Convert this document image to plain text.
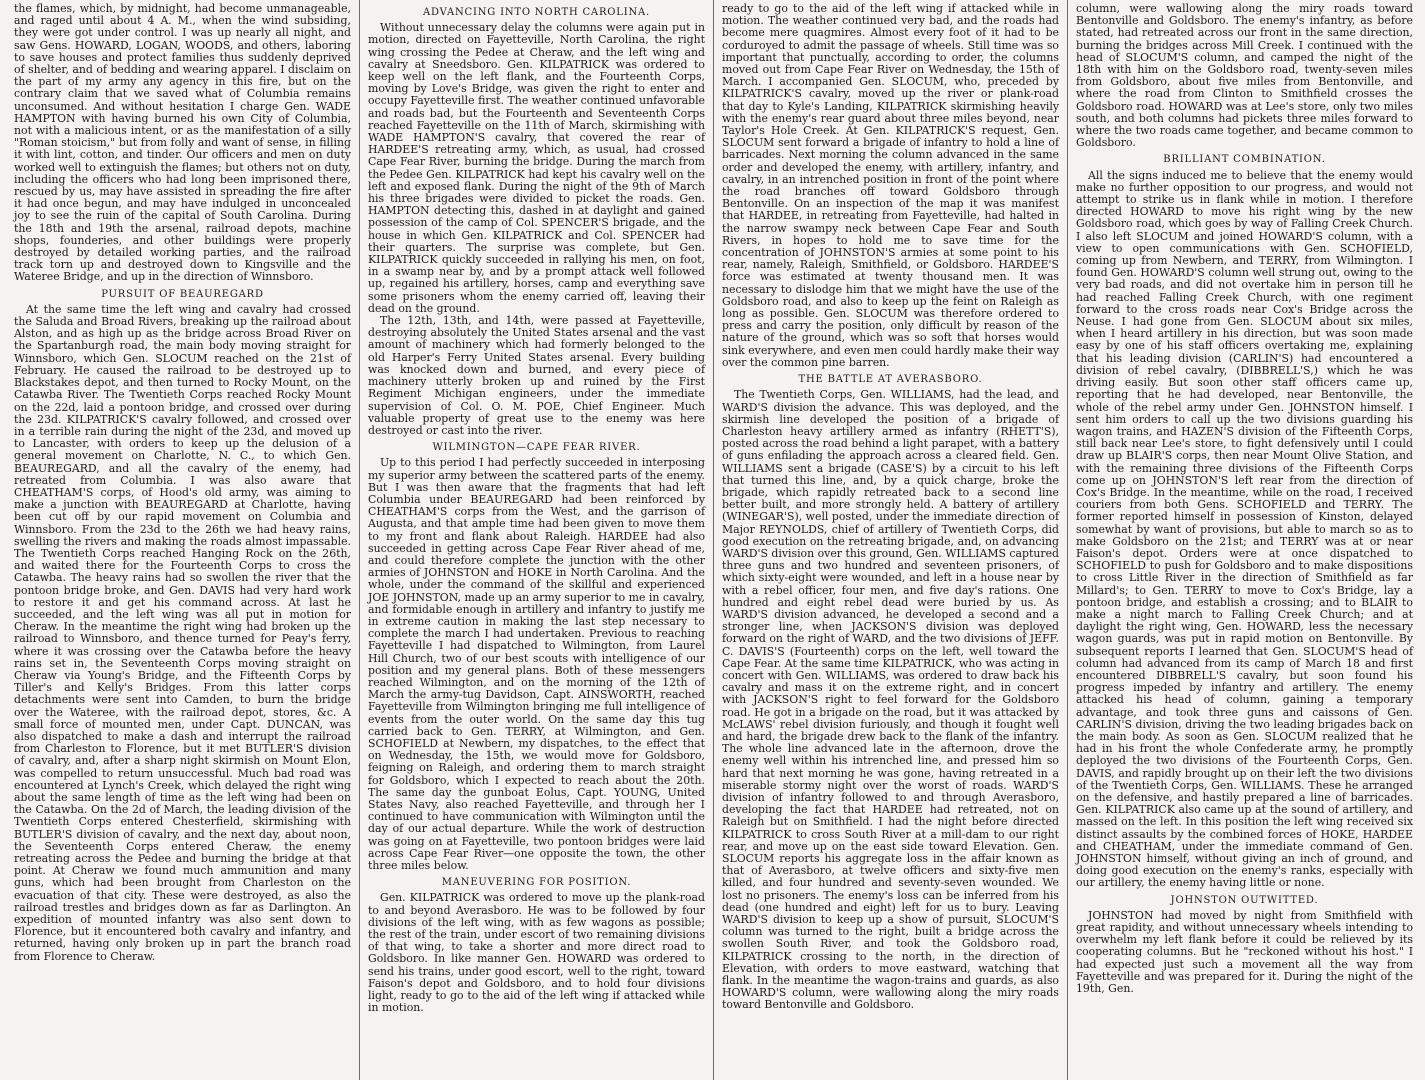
the flames, which, by midnight, had become unmanageable, and raged until about 4 A. M., when the wind subsiding, they were got under control. I was up nearly all night, and saw Gens. HOWARD, LOGAN, WOODS, and others, laboring to save houses and protect families thus suddenly deprived of shelter, and of bedding and wearing apparel. I disclaim on the part of my army any agency in this fire, but on the contrary claim that we saved what of Columbia remains unconsumed. And without hesitation I charge Gen. WADE HAMPTON with having burned his own City of Columbia, not with a malicious intent, or as the manifestation of a silly "Roman stoicism," but from folly and want of sense, in filling it with lint, cotton, and tinder. Our officers and men on duty worked well to extinguish the flames; but others not on duty, including the officers who had long been imprisoned there, rescued by us, may have assisted in spreading the fire after it had once begun, and may have indulged in unconcealed joy to see the ruin of the capital of South Carolina. During the 18th and 19th the arsenal, railroad depots, machine shops, founderies, and other buildings were properly destroyed by detailed working parties, and the railroad track torn up and destroyed down to Kingsville and the Wateree Bridge, and up in the direction of Winnsboro.

PURSUIT OF BEAUREGARD

At the same time the left wing and cavalry had crossed the Saluda and Broad Rivers, breaking up the railroad about Alston, and as high up as the bridge across Broad River on the Spartanburgh road, the main body moving straight for Winnsboro, which Gen. SLOCUM reached on the 21st of February. He caused the railroad to be destroyed up to Blackstakes depot, and then turned to Rocky Mount, on the Catawba River. The Twentieth Corps reached Rocky Mount on the 22d, laid a pontoon bridge, and crossed over during the 23d. KILPATRICK'S cavalry followed, and crossed over in a terrible rain during the night of the 23d, and moved up to Lancaster, with orders to keep up the delusion of a general movement on Charlotte, N. C., to which Gen. BEAUREGARD, and all the cavalry of the enemy, had retreated from Columbia. I was also aware that CHEATHAM'S corps, of Hood's old army, was aiming to make a junction with BEAUREGARD at Charlotte, having been cut off by our rapid movement on Columbia and Winnsboro. From the 23d to the 26th we had heavy rains, swelling the rivers and making the roads almost impassable. The Twentieth Corps reached Hanging Rock on the 26th, and waited there for the Fourteenth Corps to cross the Catawba. The heavy rains had so swollen the river that the pontoon bridge broke, and Gen. DAVIS had very hard work to restore it and get his command across. At last he succeeded, and the left wing was all put in motion for Cheraw. In the meantime the right wing had broken up the railroad to Winnsboro, and thence turned for Peay's ferry, where it was crossing over the Catawba before the heavy rains set in, the Seventeenth Corps moving straight on Cheraw via Young's Bridge, and the Fifteenth Corps by Tiller's and Kelly's Bridges. From this latter corps detachments were sent into Camden, to burn the bridge over the Wateree, with the railroad depot, stores, &c. A small force of mounted men, under Capt. DUNCAN, was also dispatched to make a dash and interrupt the railroad from Charleston to Florence, but it met BUTLER'S division of cavalry, and, after a sharp night skirmish on Mount Elon, was compelled to return unsuccessful. Much bad road was encountered at Lynch's Creek, which delayed the right wing about the same length of time as the left wing had been on the Catawba. On the 2d of March, the leading division of the Twentieth Corps entered Chesterfield, skirmishing with BUTLER'S division of cavalry, and the next day, about noon, the Seventeenth Corps entered Cheraw, the enemy retreating across the Pedee and burning the bridge at that point. At Cheraw we found much ammunition and many guns, which had been brought from Charleston on the evacuation of that city. These were destroyed, as also the railroad trestles and bridges down as far as Darlington. An expedition of mounted infantry was also sent down to Florence, but it encountered both cavalry and infantry, and returned, having only broken up in part the branch road from Florence to Cheraw.

ADVANCING INTO NORTH CAROLINA.

Without unnecessary delay the columns were again put in motion, directed on Fayetteville, North Carolina, the right wing crossing the Pedee at Cheraw, and the left wing and cavalry at Sneedsboro. Gen. KILPATRICK was ordered to keep well on the left flank, and the Fourteenth Corps, moving by Love's Bridge, was given the right to enter and occupy Fayetteville first. The weather continued unfavorable and roads bad, but the Fourteenth and Seventeenth Corps reached Fayetteville on the 11th of March, skirmishing with WADE HAMPTON'S cavalry, that covered the rear of HARDEE'S retreating army, which, as usual, had crossed Cape Fear River, burning the bridge. During the march from the Pedee Gen. KILPATRICK had kept his cavalry well on the left and exposed flank. During the night of the 9th of March his three brigades were divided to picket the roads. Gen. HAMPTON detecting this, dashed in at daylight and gained possession of the camp of Col. SPENCER'S brigade, and the house in which Gen. KILPATRICK and Col. SPENCER had their quarters. The surprise was complete, but Gen. KILPATRICK quickly succeeded in rallying his men, on foot, in a swamp near by, and by a prompt attack well followed up, regained his artillery, horses, camp and everything save some prisoners whom the enemy carried off, leaving their dead on the ground.

The 12th, 13th, and 14th, were passed at Fayetteville, destroying absolutely the United States arsenal and the vast amount of machinery which had formerly belonged to the old Harper's Ferry United States arsenal. Every building was knocked down and burned, and every piece of machinery utterly broken up and ruined by the First Regiment Michigan engineers, under the immediate supervision of Col. O. M. POE, Chief Engineer. Much valuable property of great use to the enemy was here destroyed or cast into the river.

WILMINGTON—CAPE FEAR RIVER.

Up to this period I had perfectly succeeded in interposing my superior army between the scattered parts of the enemy. But I was then aware that the fragments that had left Columbia under BEAUREGARD had been reinforced by CHEATHAM'S corps from the West, and the garrison of Augusta, and that ample time had been given to move them to my front and flank about Raleigh. HARDEE had also succeeded in getting across Cape Fear River ahead of me, and could therefore complete the junction with the other armies of JOHNSTON and HOKE in North Carolina. And the whole, under the command of the skillful and experienced JOE JOHNSTON, made up an army superior to me in cavalry, and formidable enough in artillery and infantry to justify me in extreme caution in making the last step necessary to complete the march I had undertaken. Previous to reaching Fayetteville I had dispatched to Wilmington, from Laurel Hill Church, two of our best scouts with intelligence of our position and my general plans. Both of these messengers reached Wilmington, and on the morning of the 12th of March the army-tug Davidson, Capt. AINSWORTH, reached Fayetteville from Wilmington bringing me full intelligence of events from the outer world. On the same day this tug carried back to Gen. TERRY, at Wilmington, and Gen. SCHOFIELD at Newbern, my dispatches, to the effect that on Wednesday, the 15th, we would move for Goldsboro, feigning on Raleigh, and ordering them to march straight for Goldsboro, which I expected to reach about the 20th. The same day the gunboat Eolus, Capt. YOUNG, United States Navy, also reached Fayetteville, and through her I continued to have communication with Wilmington until the day of our actual departure. While the work of destruction was going on at Fayetteville, two pontoon bridges were laid across Cape Fear River—one opposite the town, the other three miles below.

MANEUVERING FOR POSITION.

Gen. KILPATRICK was ordered to move up the plank-road to and beyond Averasboro. He was to be followed by four divisions of the left wing, with as few wagons as possible; the rest of the train, under escort of two remaining divisions of that wing, to take a shorter and more direct road to Goldsboro. In like manner Gen. HOWARD was ordered to send his trains, under good escort, well to the right, toward Faison's depot and Goldsboro, and to hold four divisions light, ready to go to the aid of the left wing if attacked while in motion.

ready to go to the aid of the left wing if attacked while in motion. The weather continued very bad, and the roads had become mere quagmires. Almost every foot of it had to be corduroyed to admit the passage of wheels. Still time was so important that punctually, according to order, the columns moved out from Cape Fear River on Wednesday, the 15th of March. I accompanied Gen. SLOCUM, who, preceded by KILPATRICK'S cavalry, moved up the river or plank-road that day to Kyle's Landing, KILPATRICK skirmishing heavily with the enemy's rear guard about three miles beyond, near Taylor's Hole Creek. At Gen. KILPATRICK'S request, Gen. SLOCUM sent forward a brigade of infantry to hold a line of barricades. Next morning the column advanced in the same order and developed the enemy, with artillery, infantry, and cavalry, in an intrenched position in front of the point where the road branches off toward Goldsboro through Bentonville. On an inspection of the map it was manifest that HARDEE, in retreating from Fayetteville, had halted in the narrow swampy neck between Cape Fear and South Rivers, in hopes to hold me to save time for the concentration of JOHNSTON'S armies at some point to his rear, namely, Raleigh, Smithfield, or Goldsboro. HARDEE'S force was estimated at twenty thousand men. It was necessary to dislodge him that we might have the use of the Goldsboro road, and also to keep up the feint on Raleigh as long as possible. Gen. SLOCUM was therefore ordered to press and carry the position, only difficult by reason of the nature of the ground, which was so soft that horses would sink everywhere, and even men could hardly make their way over the common pine barren.

THE BATTLE AT AVERASBORO.

The Twentieth Corps, Gen. WILLIAMS, had the lead, and WARD'S division the advance. This was deployed, and the skirmish line developed the position of a brigade of Charleston heavy artillery armed as infantry (RHETT'S), posted across the road behind a light parapet, with a battery of guns enfilading the approach across a cleared field. Gen. WILLIAMS sent a brigade (CASE'S) by a circuit to his left that turned this line, and, by a quick charge, broke the brigade, which rapidly retreated back to a second line better built, and more strongly held. A battery of artillery (WINEGAR'S), well posted, under the immediate direction of Major REYNOLDS, chief of artillery of Twentieth Corps, did good execution on the retreating brigade, and, on advancing WARD'S division over this ground, Gen. WILLIAMS captured three guns and two hundred and seventeen prisoners, of which sixty-eight were wounded, and left in a house near by with a rebel officer, four men, and five day's rations. One hundred and eight rebel dead were buried by us. As WARD'S division advanced, he developed a second and a stronger line, when JACKSON'S division was deployed forward on the right of WARD, and the two divisions of JEFF. C. DAVIS'S (Fourteenth) corps on the left, well toward the Cape Fear. At the same time KILPATRICK, who was acting in concert with Gen. WILLIAMS, was ordered to draw back his cavalry and mass it on the extreme right, and in concert with JACKSON'S right to feel forward for the Goldsboro road. He got in a brigade on the road, but it was attacked by McLAWS' rebel division furiously, and though it fought well and hard, the brigade drew back to the flank of the infantry. The whole line advanced late in the afternoon, drove the enemy well within his intrenched line, and pressed him so hard that next morning he was gone, having retreated in a miserable stormy night over the worst of roads. WARD'S division of infantry followed to and through Averasboro, developing the fact that HARDEE had retreated, not on Raleigh but on Smithfield. I had the night before directed KILPATRICK to cross South River at a mill-dam to our right rear, and move up on the east side toward Elevation. Gen. SLOCUM reports his aggregate loss in the affair known as that of Averasboro, at twelve officers and sixty-five men killed, and four hundred and seventy-seven wounded. We lost no prisoners. The enemy's loss can be inferred from his dead (one hundred and eight) left for us to bury. Leaving WARD'S division to keep up a show of pursuit, SLOCUM'S column was turned to the right, built a bridge across the swollen South River, and took the Goldsboro road, KILPATRICK crossing to the north, in the direction of Elevation, with orders to move eastward, watching that flank. In the meantime the wagon-trains and guards, as also HOWARD'S column, were wallowing along the miry roads toward Bentonville and Goldsboro.

column, were wallowing along the miry roads toward Bentonville and Goldsboro. The enemy's infantry, as before stated, had retreated across our front in the same direction, burning the bridges across Mill Creek. I continued with the head of SLOCUM'S column, and camped the night of the 18th with him on the Goldsboro road, twenty-seven miles from Goldsboro, about five miles from Bentonville, and where the road from Clinton to Smithfield crosses the Goldsboro road. HOWARD was at Lee's store, only two miles south, and both columns had pickets three miles forward to where the two roads came together, and became common to Goldsboro.

BRILLIANT COMBINATION.

All the signs induced me to believe that the enemy would make no further opposition to our progress, and would not attempt to strike us in flank while in motion. I therefore directed HOWARD to move his right wing by the new Goldsboro road, which goes by way of Falling Creek Church. I also left SLOCUM and joined HOWARD'S column, with a view to open communications with Gen. SCHOFIELD, coming up from Newbern, and TERRY, from Wilmington. I found Gen. HOWARD'S column well strung out, owing to the very bad roads, and did not overtake him in person till he had reached Falling Creek Church, with one regiment forward to the cross roads near Cox's Bridge across the Neuse. I had gone from Gen. SLOCUM about six miles, when I heard artillery in his direction, but was soon made easy by one of his staff officers overtaking me, explaining that his leading division (CARLIN'S) had encountered a division of rebel cavalry, (DIBBRELL'S,) which he was driving easily. But soon other staff officers came up, reporting that he had developed, near Bentonville, the whole of the rebel army under Gen. JOHNSTON himself. I sent him orders to call up the two divisions guarding his wagon trains, and HAZEN'S division of the Fifteenth Corps, still back near Lee's store, to fight defensively until I could draw up BLAIR'S corps, then near Mount Olive Station, and with the remaining three divisions of the Fifteenth Corps come up on JOHNSTON'S left rear from the direction of Cox's Bridge. In the meantime, while on the road, I received couriers from both Gens. SCHOFIELD and TERRY. The former reported himself in possession of Kinston, delayed somewhat by want of provisions, but able to march so as to make Goldsboro on the 21st; and TERRY was at or near Faison's depot. Orders were at once dispatched to SCHOFIELD to push for Goldsboro and to make dispositions to cross Little River in the direction of Smithfield as far Millard's; to Gen. TERRY to move to Cox's Bridge, lay a pontoon bridge, and establish a crossing; and to BLAIR to make a night march to Falling Creek Church; and at daylight the right wing, Gen. HOWARD, less the necessary wagon guards, was put in rapid motion on Bentonville. By subsequent reports I learned that Gen. SLOCUM'S head of column had advanced from its camp of March 18 and first encountered DIBBRELL'S cavalry, but soon found his progress impeded by infantry and artillery. The enemy attacked his head of column, gaining a temporary advantage, and took three guns and caissons of Gen. CARLIN'S division, driving the two leading brigades back on the main body. As soon as Gen. SLOCUM realized that he had in his front the whole Confederate army, he promptly deployed the two divisions of the Fourteenth Corps, Gen. DAVIS, and rapidly brought up on their left the two divisions of the Twentieth Corps, Gen. WILLIAMS. These he arranged on the defensive, and hastily prepared a line of barricades. Gen. KILPATRICK also came up at the sound of artillery, and massed on the left. In this position the left wing received six distinct assaults by the combined forces of HOKE, HARDEE and CHEATHAM, under the immediate command of Gen. JOHNSTON himself, without giving an inch of ground, and doing good execution on the enemy's ranks, especially with our artillery, the enemy having little or none.

JOHNSTON OUTWITTED.

JOHNSTON had moved by night from Smithfield with great rapidity, and without unnecessary wheels intending to overwhelm my left flank before it could be relieved by its cooperating columns. But he "reckoned without his host." I had expected just such a movement all the way from Fayetteville and was prepared for it. During the night of the 19th, Gen.
